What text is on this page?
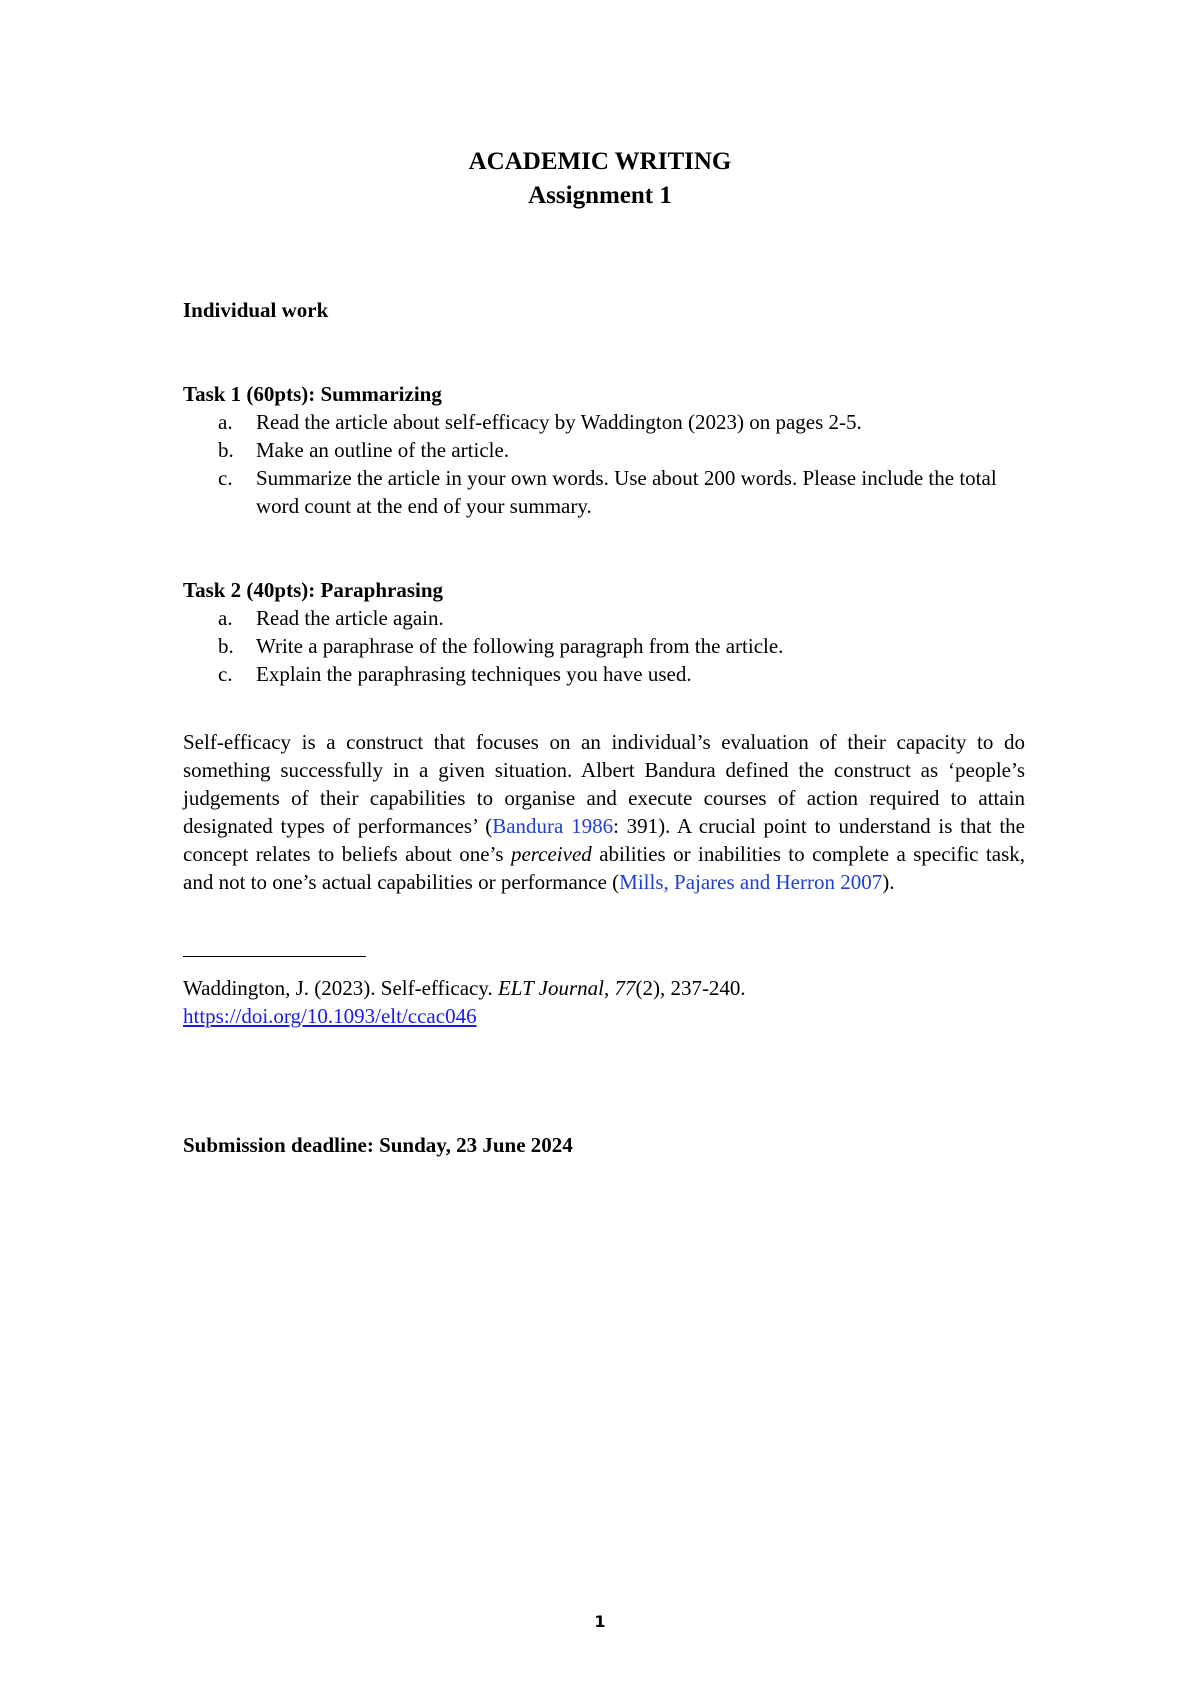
ACADEMIC WRITING
Assignment 1
Individual work
Task 1 (60pts): Summarizing
a. Read the article about self-efficacy by Waddington (2023) on pages 2-5.
b. Make an outline of the article.
c. Summarize the article in your own words. Use about 200 words. Please include the total word count at the end of your summary.
Task 2 (40pts): Paraphrasing
a. Read the article again.
b. Write a paraphrase of the following paragraph from the article.
c. Explain the paraphrasing techniques you have used.
Self-efficacy is a construct that focuses on an individual’s evaluation of their capacity to do something successfully in a given situation. Albert Bandura defined the construct as ‘people’s judgements of their capabilities to organise and execute courses of action required to attain designated types of performances’ (Bandura 1986: 391). A crucial point to understand is that the concept relates to beliefs about one’s perceived abilities or inabilities to complete a specific task, and not to one’s actual capabilities or performance (Mills, Pajares and Herron 2007).
Waddington, J. (2023). Self-efficacy. ELT Journal, 77(2), 237-240.
https://doi.org/10.1093/elt/ccac046
Submission deadline: Sunday, 23 June 2024
1
